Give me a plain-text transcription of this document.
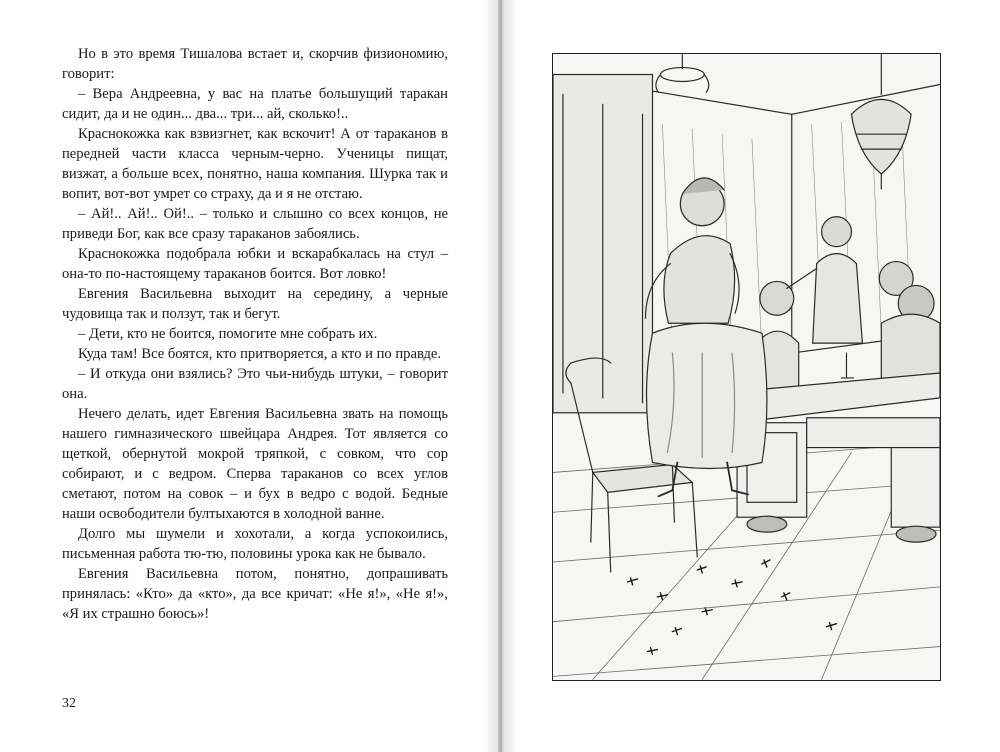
Но в это время Тишалова встает и, скорчив физиономию, говорит:

– Вера Андреевна, у вас на платье большущий таракан сидит, да и не один... два... три... ай, сколько!..

Краснокожка как взвизгнет, как вскочит! А от тараканов в передней части класса черным-черно. Ученицы пищат, визжат, а больше всех, понятно, наша компания. Шурка так и вопит, вот-вот умрет со страху, да и я не отстаю.

– Ай!.. Ай!.. Ой!.. – только и слышно со всех концов, не приведи Бог, как все сразу тараканов забоялись.

Краснокожка подобрала юбки и вскарабкалась на стул – она-то по-настоящему тараканов боится. Вот ловко!

Евгения Васильевна выходит на середину, а черные чудовища так и ползут, так и бегут.

– Дети, кто не боится, помогите мне собрать их.

Куда там! Все боятся, кто притворяется, а кто и по правде.

– И откуда они взялись? Это чьи-нибудь штуки, – говорит она.

Нечего делать, идет Евгения Васильевна звать на помощь нашего гимназического швейцара Андрея. Тот является со щеткой, обернутой мокрой тряпкой, с совком, что сор собирают, и с ведром. Сперва тараканов со всех углов сметают, потом на совок – и бух в ведро с водой. Бедные наши освободители бултыхаются в холодной ванне.

Долго мы шумели и хохотали, а когда успокоились, письменная работа тю-тю, половины урока как не бывало.

Евгения Васильевна потом, понятно, допрашивать принялась: «Кто» да «кто», да все кричат: «Не я!», «Не я!», «Я их страшно боюсь»!

32
